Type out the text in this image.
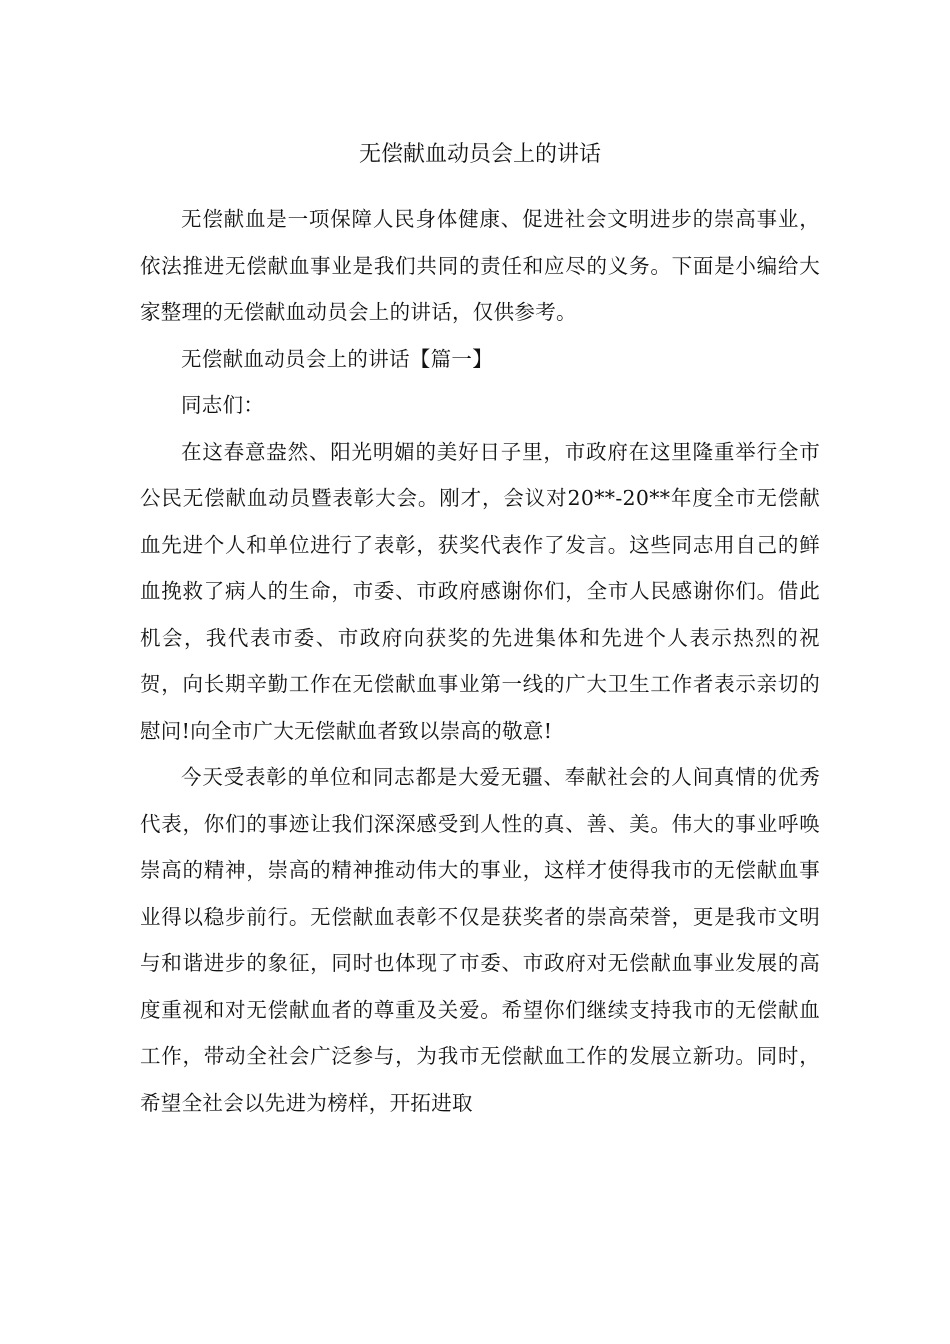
无偿献血动员会上的讲话

无偿献血是一项保障人民身体健康、促进社会文明进步的崇高事业，依法推进无偿献血事业是我们共同的责任和应尽的义务。下面是小编给大家整理的无偿献血动员会上的讲话，仅供参考。

无偿献血动员会上的讲话【篇一】

同志们：

在这春意盎然、阳光明媚的美好日子里，市政府在这里隆重举行全市公民无偿献血动员暨表彰大会。刚才，会议对20**-20**年度全市无偿献血先进个人和单位进行了表彰，获奖代表作了发言。这些同志用自己的鲜血挽救了病人的生命，市委、市政府感谢你们，全市人民感谢你们。借此机会，我代表市委、市政府向获奖的先进集体和先进个人表示热烈的祝贺，向长期辛勤工作在无偿献血事业第一线的广大卫生工作者表示亲切的慰问!向全市广大无偿献血者致以崇高的敬意!

今天受表彰的单位和同志都是大爱无疆、奉献社会的人间真情的优秀代表，你们的事迹让我们深深感受到人性的真、善、美。伟大的事业呼唤崇高的精神，崇高的精神推动伟大的事业，这样才使得我市的无偿献血事业得以稳步前行。无偿献血表彰不仅是获奖者的崇高荣誉，更是我市文明与和谐进步的象征，同时也体现了市委、市政府对无偿献血事业发展的高度重视和对无偿献血者的尊重及关爱。希望你们继续支持我市的无偿献血工作，带动全社会广泛参与，为我市无偿献血工作的发展立新功。同时，希望全社会以先进为榜样，开拓进取
